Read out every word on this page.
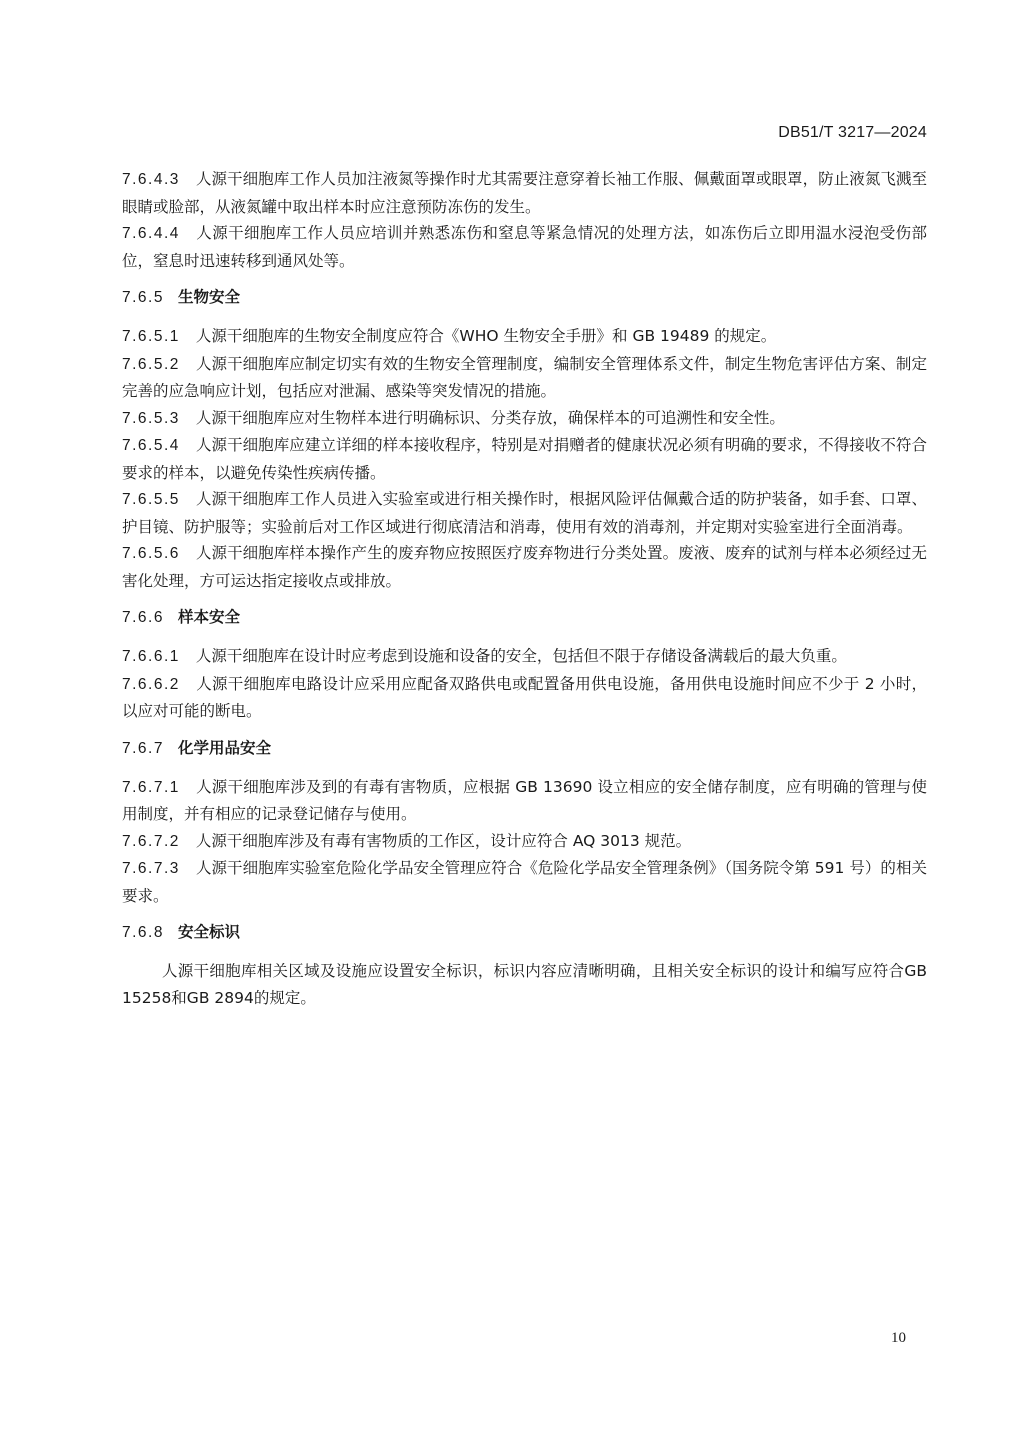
DB51/T 3217—2024

7.6.4.3 人源干细胞库工作人员加注液氮等操作时尤其需要注意穿着长袖工作服、佩戴面罩或眼罩，防止液氮飞溅至眼睛或脸部，从液氮罐中取出样本时应注意预防冻伤的发生。

7.6.4.4 人源干细胞库工作人员应培训并熟悉冻伤和窒息等紧急情况的处理方法，如冻伤后立即用温水浸泡受伤部位，窒息时迅速转移到通风处等。

7.6.5 生物安全

7.6.5.1 人源干细胞库的生物安全制度应符合《WHO 生物安全手册》和 GB 19489 的规定。

7.6.5.2 人源干细胞库应制定切实有效的生物安全管理制度，编制安全管理体系文件，制定生物危害评估方案、制定完善的应急响应计划，包括应对泄漏、感染等突发情况的措施。

7.6.5.3 人源干细胞库应对生物样本进行明确标识、分类存放，确保样本的可追溯性和安全性。

7.6.5.4 人源干细胞库应建立详细的样本接收程序，特别是对捐赠者的健康状况必须有明确的要求，不得接收不符合要求的样本，以避免传染性疾病传播。

7.6.5.5 人源干细胞库工作人员进入实验室或进行相关操作时，根据风险评估佩戴合适的防护装备，如手套、口罩、护目镜、防护服等；实验前后对工作区域进行彻底清洁和消毒，使用有效的消毒剂，并定期对实验室进行全面消毒。

7.6.5.6 人源干细胞库样本操作产生的废弃物应按照医疗废弃物进行分类处置。废液、废弃的试剂与样本必须经过无害化处理，方可运达指定接收点或排放。

7.6.6 样本安全

7.6.6.1 人源干细胞库在设计时应考虑到设施和设备的安全，包括但不限于存储设备满载后的最大负重。

7.6.6.2 人源干细胞库电路设计应采用应配备双路供电或配置备用供电设施，备用供电设施时间应不少于 2 小时，以应对可能的断电。

7.6.7 化学用品安全

7.6.7.1 人源干细胞库涉及到的有毒有害物质，应根据 GB 13690 设立相应的安全储存制度，应有明确的管理与使用制度，并有相应的记录登记储存与使用。

7.6.7.2 人源干细胞库涉及有毒有害物质的工作区，设计应符合 AQ 3013 规范。

7.6.7.3 人源干细胞库实验室危险化学品安全管理应符合《危险化学品安全管理条例》（国务院令第 591 号）的相关要求。

7.6.8 安全标识

人源干细胞库相关区域及设施应设置安全标识，标识内容应清晰明确，且相关安全标识的设计和编写应符合GB 15258和GB 2894的规定。

10
